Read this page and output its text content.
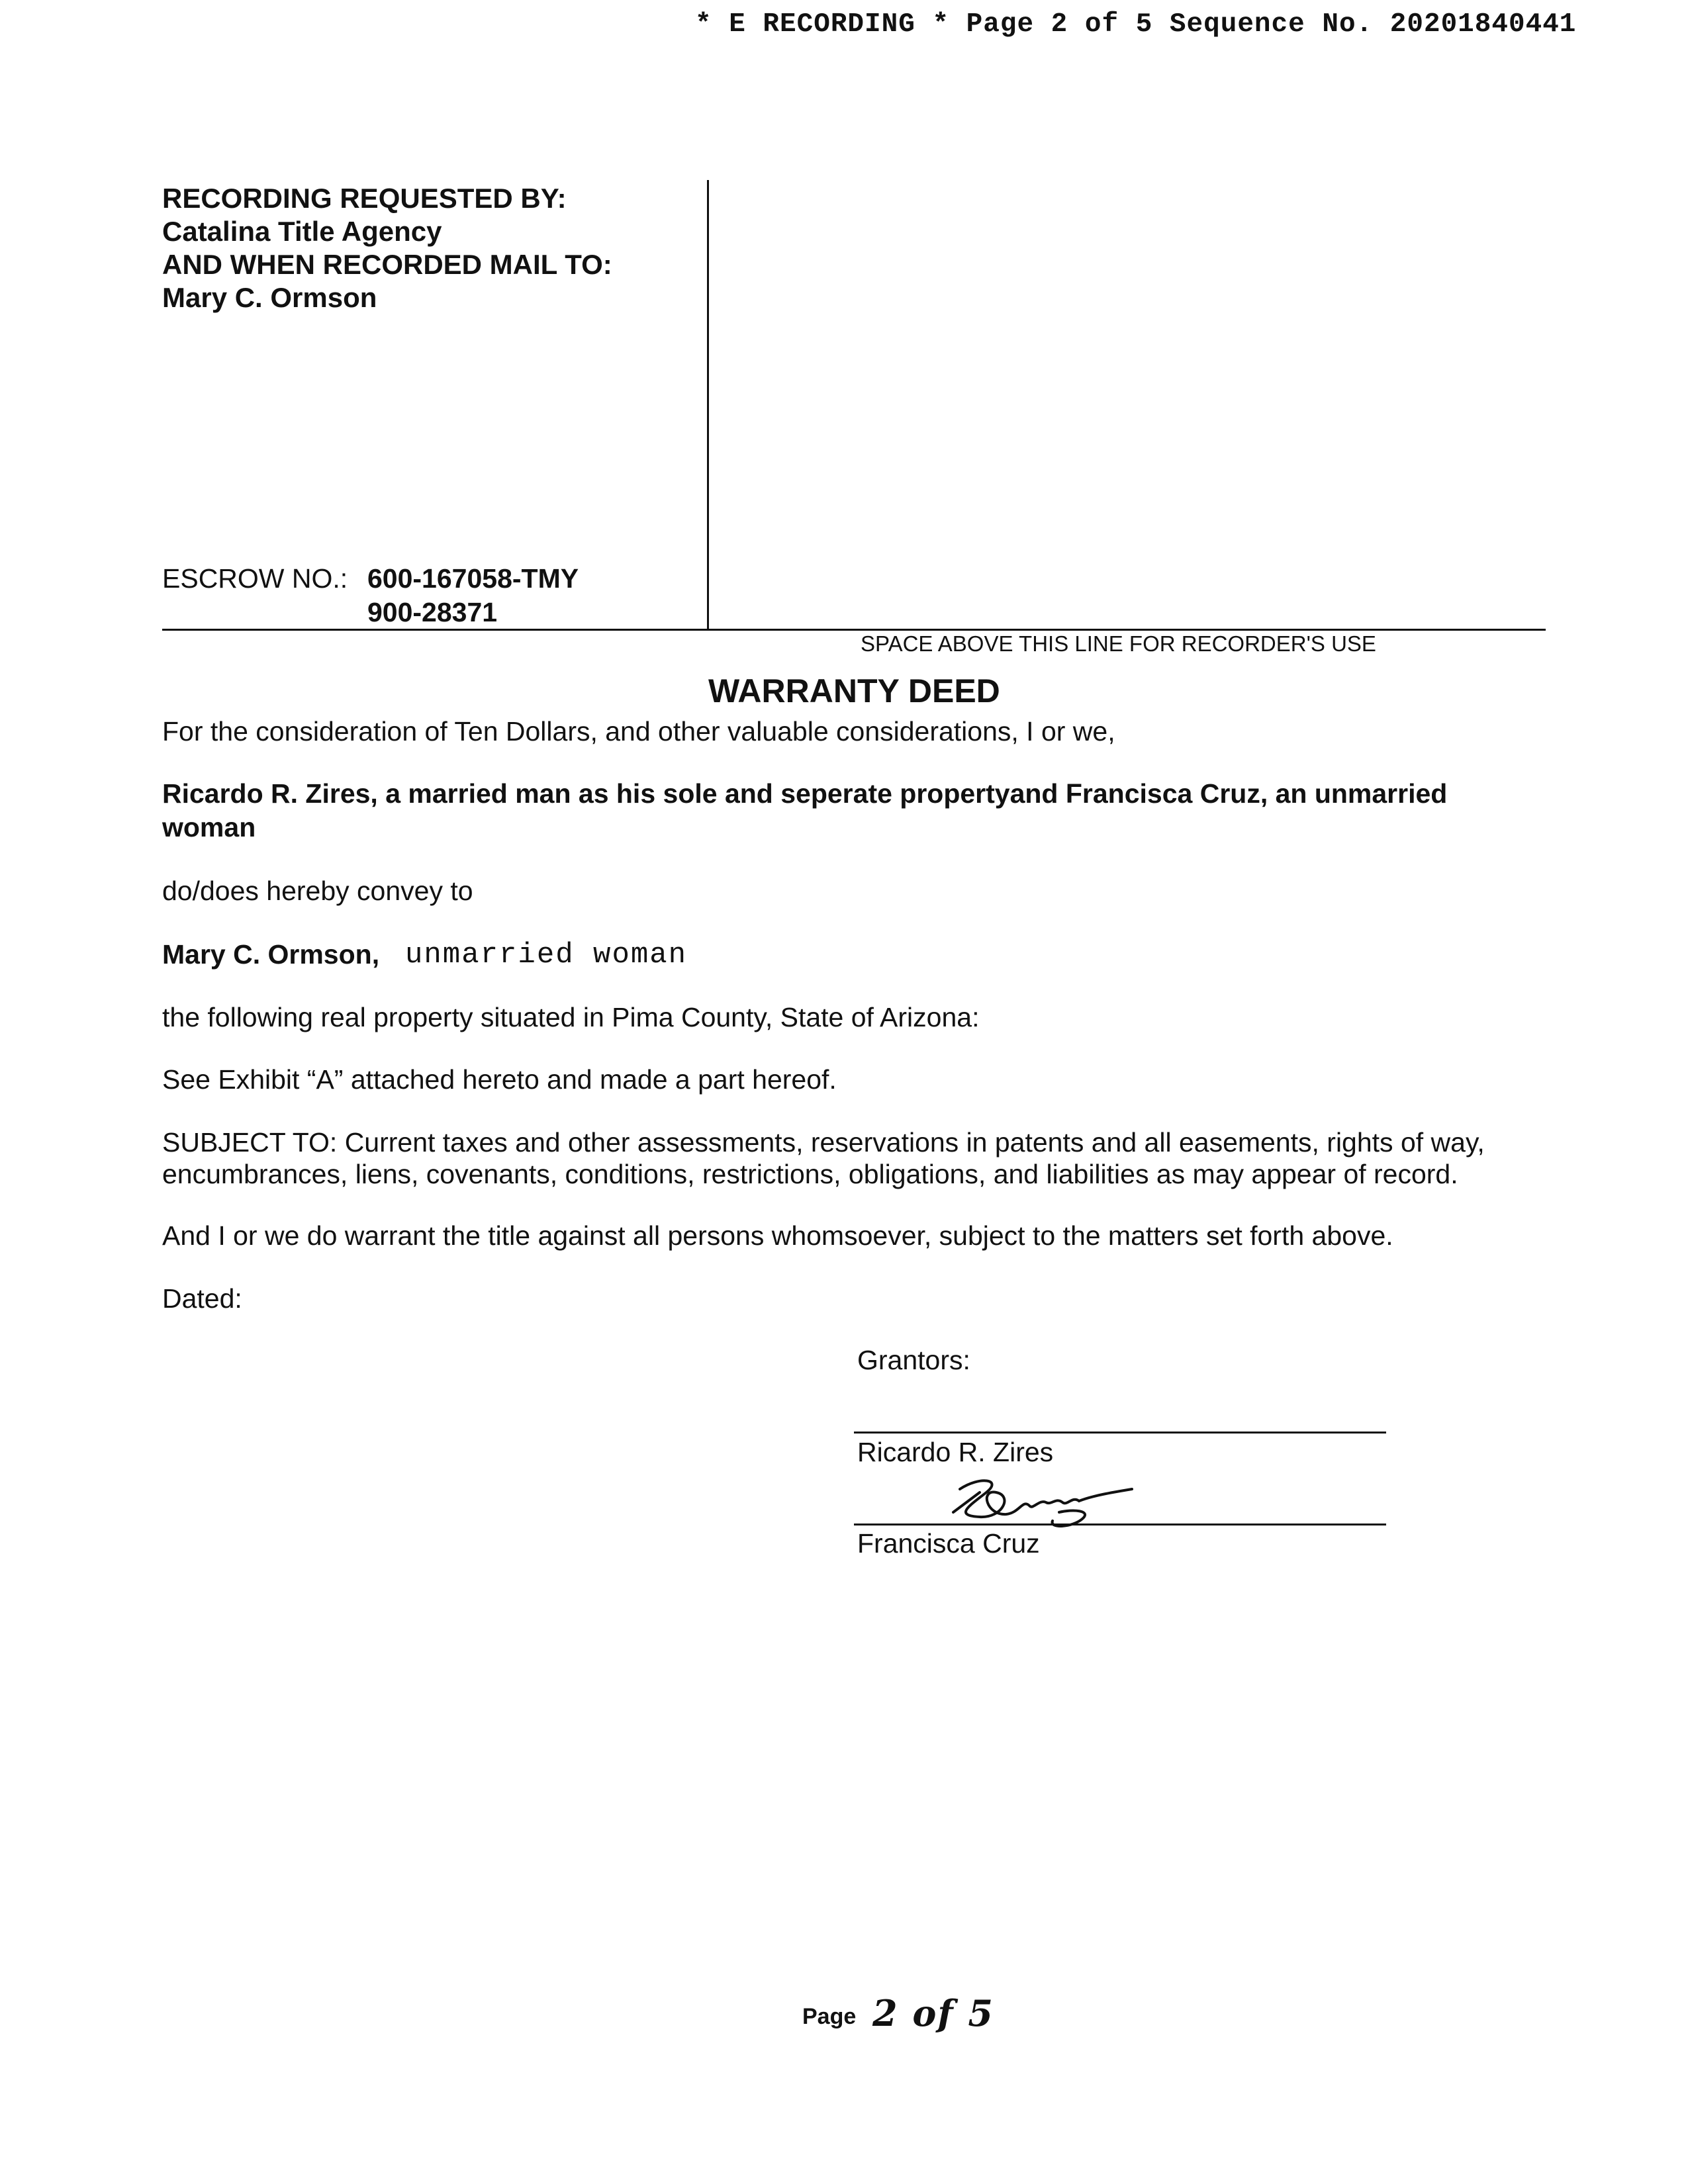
* E RECORDING * Page 2 of 5 Sequence No. 20201840441
RECORDING REQUESTED BY:
Catalina Title Agency
AND WHEN RECORDED MAIL TO:
Mary C. Ormson
ESCROW NO.: 600-167058-TMY
900-28371
SPACE ABOVE THIS LINE FOR RECORDER'S USE
WARRANTY DEED
For the consideration of Ten Dollars, and other valuable considerations, I or we,
Ricardo R. Zires, a married man as his sole and seperate propertyand Francisca Cruz, an unmarried
woman
do/does hereby convey to
Mary C. Ormson, unmarried woman
the following real property situated in Pima County, State of Arizona:
See Exhibit “A” attached hereto and made a part hereof.
SUBJECT TO: Current taxes and other assessments, reservations in patents and all easements, rights of way,
encumbrances, liens, covenants, conditions, restrictions, obligations, and liabilities as may appear of record.
And I or we do warrant the title against all persons whomsoever, subject to the matters set forth above.
Dated:
Grantors:
Ricardo R. Zires
Francisca Cruz
Page 2 of 5
